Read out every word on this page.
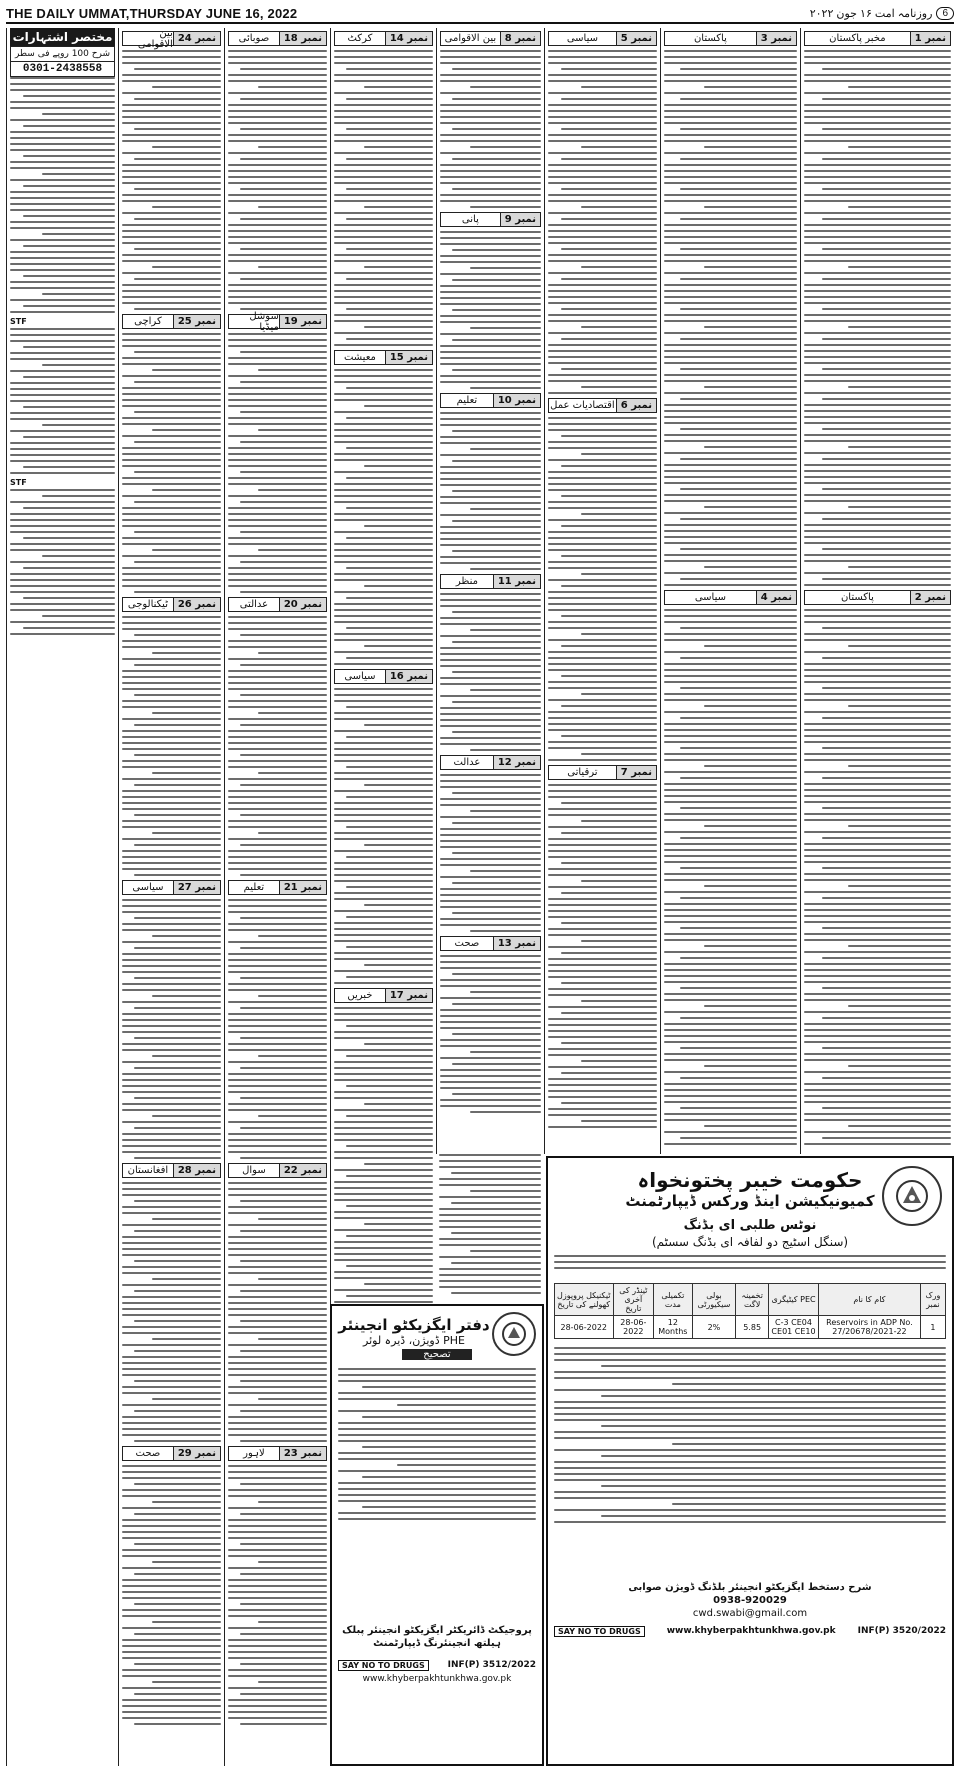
THE DAILY UMMAT,THURSDAY JUNE 16, 2022	6
روزنامہ امت ۱۶ جون ۲۰۲۲
مختصر اشتہارات
شرح 100 روپے فی سطر
0301-2438558
STF
STF
نمبر 24
بین الاقوامی
نمبر 25
کراچی
نمبر 26
ٹیکنالوجی
نمبر 27
سیاسی
نمبر 28
افغانستان
نمبر 29
صحت
نمبر 18
صوبائی
نمبر 19
سوشل میڈیا
نمبر 20
عدالتی
نمبر 21
تعلیم
نمبر 22
سوال
نمبر 23
لاہور
نمبر 14
کرکٹ
نمبر 15
معیشت
نمبر 16
سیاسی
نمبر 17
خبریں
نمبر 8
بین الاقوامی
نمبر 9
پانی
نمبر 10
تعلیم
نمبر 11
منظر
نمبر 12
عدالت
نمبر 13
صحت
نمبر 5
سیاسی
نمبر 6
اقتصادیات عمل
نمبر 7
ترقیاتی
نمبر 3
پاکستان
نمبر 4
سیاسی
نمبر 1
مخبر پاکستان
نمبر 2
پاکستان
دفتر ایگزیکٹو انجینئر
PHE ڈویژن، ڈیرہ لوئر
تصحیح
پروجیکٹ ڈائریکٹر ایگزیکٹو انجینئر پبلک ہیلتھ انجینئرنگ ڈیپارٹمنٹ
SAY NO TO DRUGS	INF(P) 3512/2022
www.khyberpakhtunkhwa.gov.pk
حکومت خیبر پختونخواہ
کمیونیکیشن اینڈ ورکس ڈیپارٹمنٹ
نوٹس طلبی ای بڈنگ
(سنگل اسٹیج دو لفافہ ای بڈنگ سسٹم)
ورک نمبر	کام کا نام	PEC کیٹیگری	تخمینہ لاگت	بولی سیکیورٹی	تکمیلی مدت	ٹینڈر کی آخری تاریخ	ٹیکنیکل پروپوزل کھولنے کی تاریخ
1	Reservoirs in ADP No. 27/20678/2021-22	C-3 CE04 CE01 CE10	5.85	2%	12 Months	28-06-2022	28-06-2022
شرح دستخط ایگزیکٹو انجینئر بلڈنگ ڈویژن صوابی
0938-920029
cwd.swabi@gmail.com
SAY NO TO DRUGS	www.khyberpakhtunkhwa.gov.pk INF(P) 3520/2022
